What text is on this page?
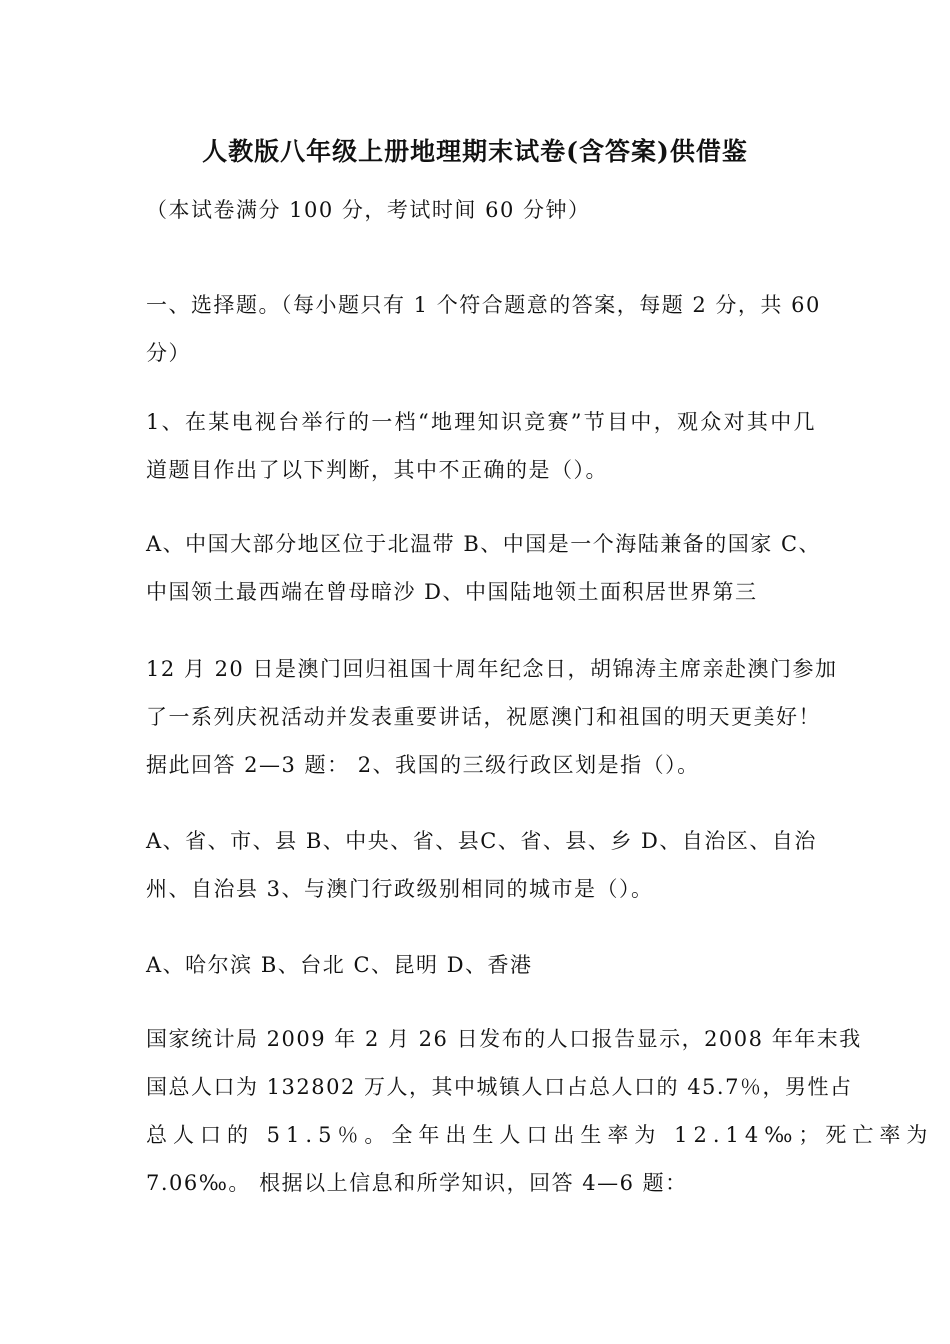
人教版八年级上册地理期末试卷(含答案)供借鉴
（本试卷满分 100 分，考试时间 60 分钟）
一、选择题。（每小题只有 1 个符合题意的答案，每题 2 分，共 60
分）
1、在某电视台举行的一档“地理知识竞赛”节目中，观众对其中几
道题目作出了以下判断，其中不正确的是（）。
A、中国大部分地区位于北温带 B、中国是一个海陆兼备的国家 C、
中国领土最西端在曾母暗沙 D、中国陆地领土面积居世界第三
12 月 20 日是澳门回归祖国十周年纪念日，胡锦涛主席亲赴澳门参加
了一系列庆祝活动并发表重要讲话，祝愿澳门和祖国的明天更美好！
据此回答 2—3 题： 2、我国的三级行政区划是指（）。
A、省、市、县 B、中央、省、县C、省、县、乡 D、自治区、自治
州、自治县 3、与澳门行政级别相同的城市是（）。
A、哈尔滨 B、台北 C、昆明 D、香港
国家统计局 2009 年 2 月 26 日发布的人口报告显示，2008 年年末我
国总人口为 132802 万人，其中城镇人口占总人口的 45.7％，男性占
总人口的 51.5％。全年出生人口出生率为 12.14‰；死亡率为
7.06‰。 根据以上信息和所学知识，回答 4—6 题：
